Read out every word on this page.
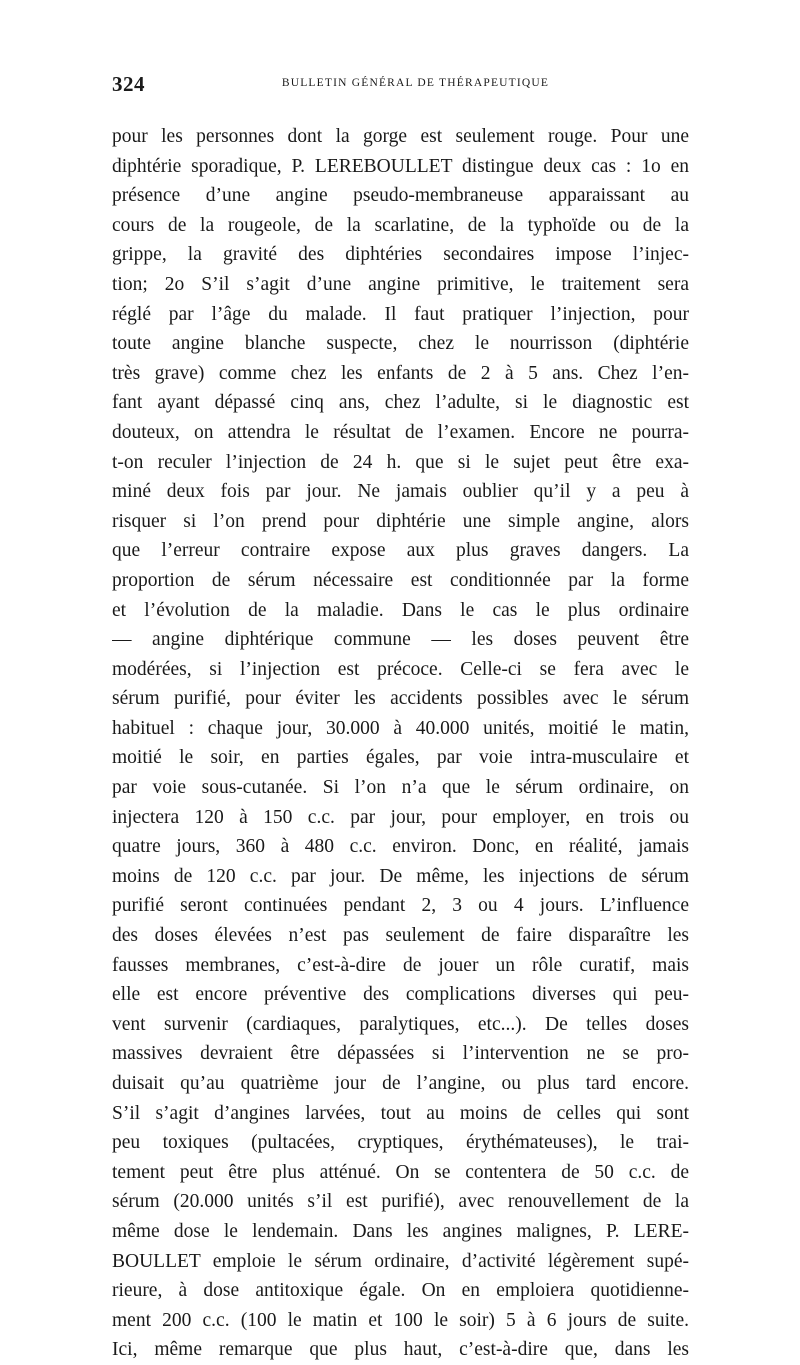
324	BULLETIN GÉNÉRAL DE THÉRAPEUTIQUE
pour les personnes dont la gorge est seulement rouge. Pour une
diphtérie sporadique, P. LEREBOULLET distingue deux cas : 1o en
présence d’une angine pseudo-membraneuse apparaissant au
cours de la rougeole, de la scarlatine, de la typhoïde ou de la
grippe, la gravité des diphtéries secondaires impose l’injec-
tion; 2o S’il s’agit d’une angine primitive, le traitement sera
réglé par l’âge du malade. Il faut pratiquer l’injection, pour
toute angine blanche suspecte, chez le nourrisson (diphtérie
très grave) comme chez les enfants de 2 à 5 ans. Chez l’en-
fant ayant dépassé cinq ans, chez l’adulte, si le diagnostic est
douteux, on attendra le résultat de l’examen. Encore ne pourra-
t-on reculer l’injection de 24 h. que si le sujet peut être exa-
miné deux fois par jour. Ne jamais oublier qu’il y a peu à
risquer si l’on prend pour diphtérie une simple angine, alors
que l’erreur contraire expose aux plus graves dangers. La
proportion de sérum nécessaire est conditionnée par la forme
et l’évolution de la maladie. Dans le cas le plus ordinaire
— angine diphtérique commune — les doses peuvent être
modérées, si l’injection est précoce. Celle-ci se fera avec le
sérum purifié, pour éviter les accidents possibles avec le sérum
habituel : chaque jour, 30.000 à 40.000 unités, moitié le matin,
moitié le soir, en parties égales, par voie intra-musculaire et
par voie sous-cutanée. Si l’on n’a que le sérum ordinaire, on
injectera 120 à 150 c.c. par jour, pour employer, en trois ou
quatre jours, 360 à 480 c.c. environ. Donc, en réalité, jamais
moins de 120 c.c. par jour. De même, les injections de sérum
purifié seront continuées pendant 2, 3 ou 4 jours. L’influence
des doses élevées n’est pas seulement de faire disparaître les
fausses membranes, c’est-à-dire de jouer un rôle curatif, mais
elle est encore préventive des complications diverses qui peu-
vent survenir (cardiaques, paralytiques, etc...). De telles doses
massives devraient être dépassées si l’intervention ne se pro-
duisait qu’au quatrième jour de l’angine, ou plus tard encore.
S’il s’agit d’angines larvées, tout au moins de celles qui sont
peu toxiques (pultacées, cryptiques, érythémateuses), le trai-
tement peut être plus atténué. On se contentera de 50 c.c. de
sérum (20.000 unités s’il est purifié), avec renouvellement de la
même dose le lendemain. Dans les angines malignes, P. LERE-
BOULLET emploie le sérum ordinaire, d’activité légèrement supé-
rieure, à dose antitoxique égale. On en emploiera quotidienne-
ment 200 c.c. (100 le matin et 100 le soir) 5 à 6 jours de suite.
Ici, même remarque que plus haut, c’est-à-dire que, dans les
